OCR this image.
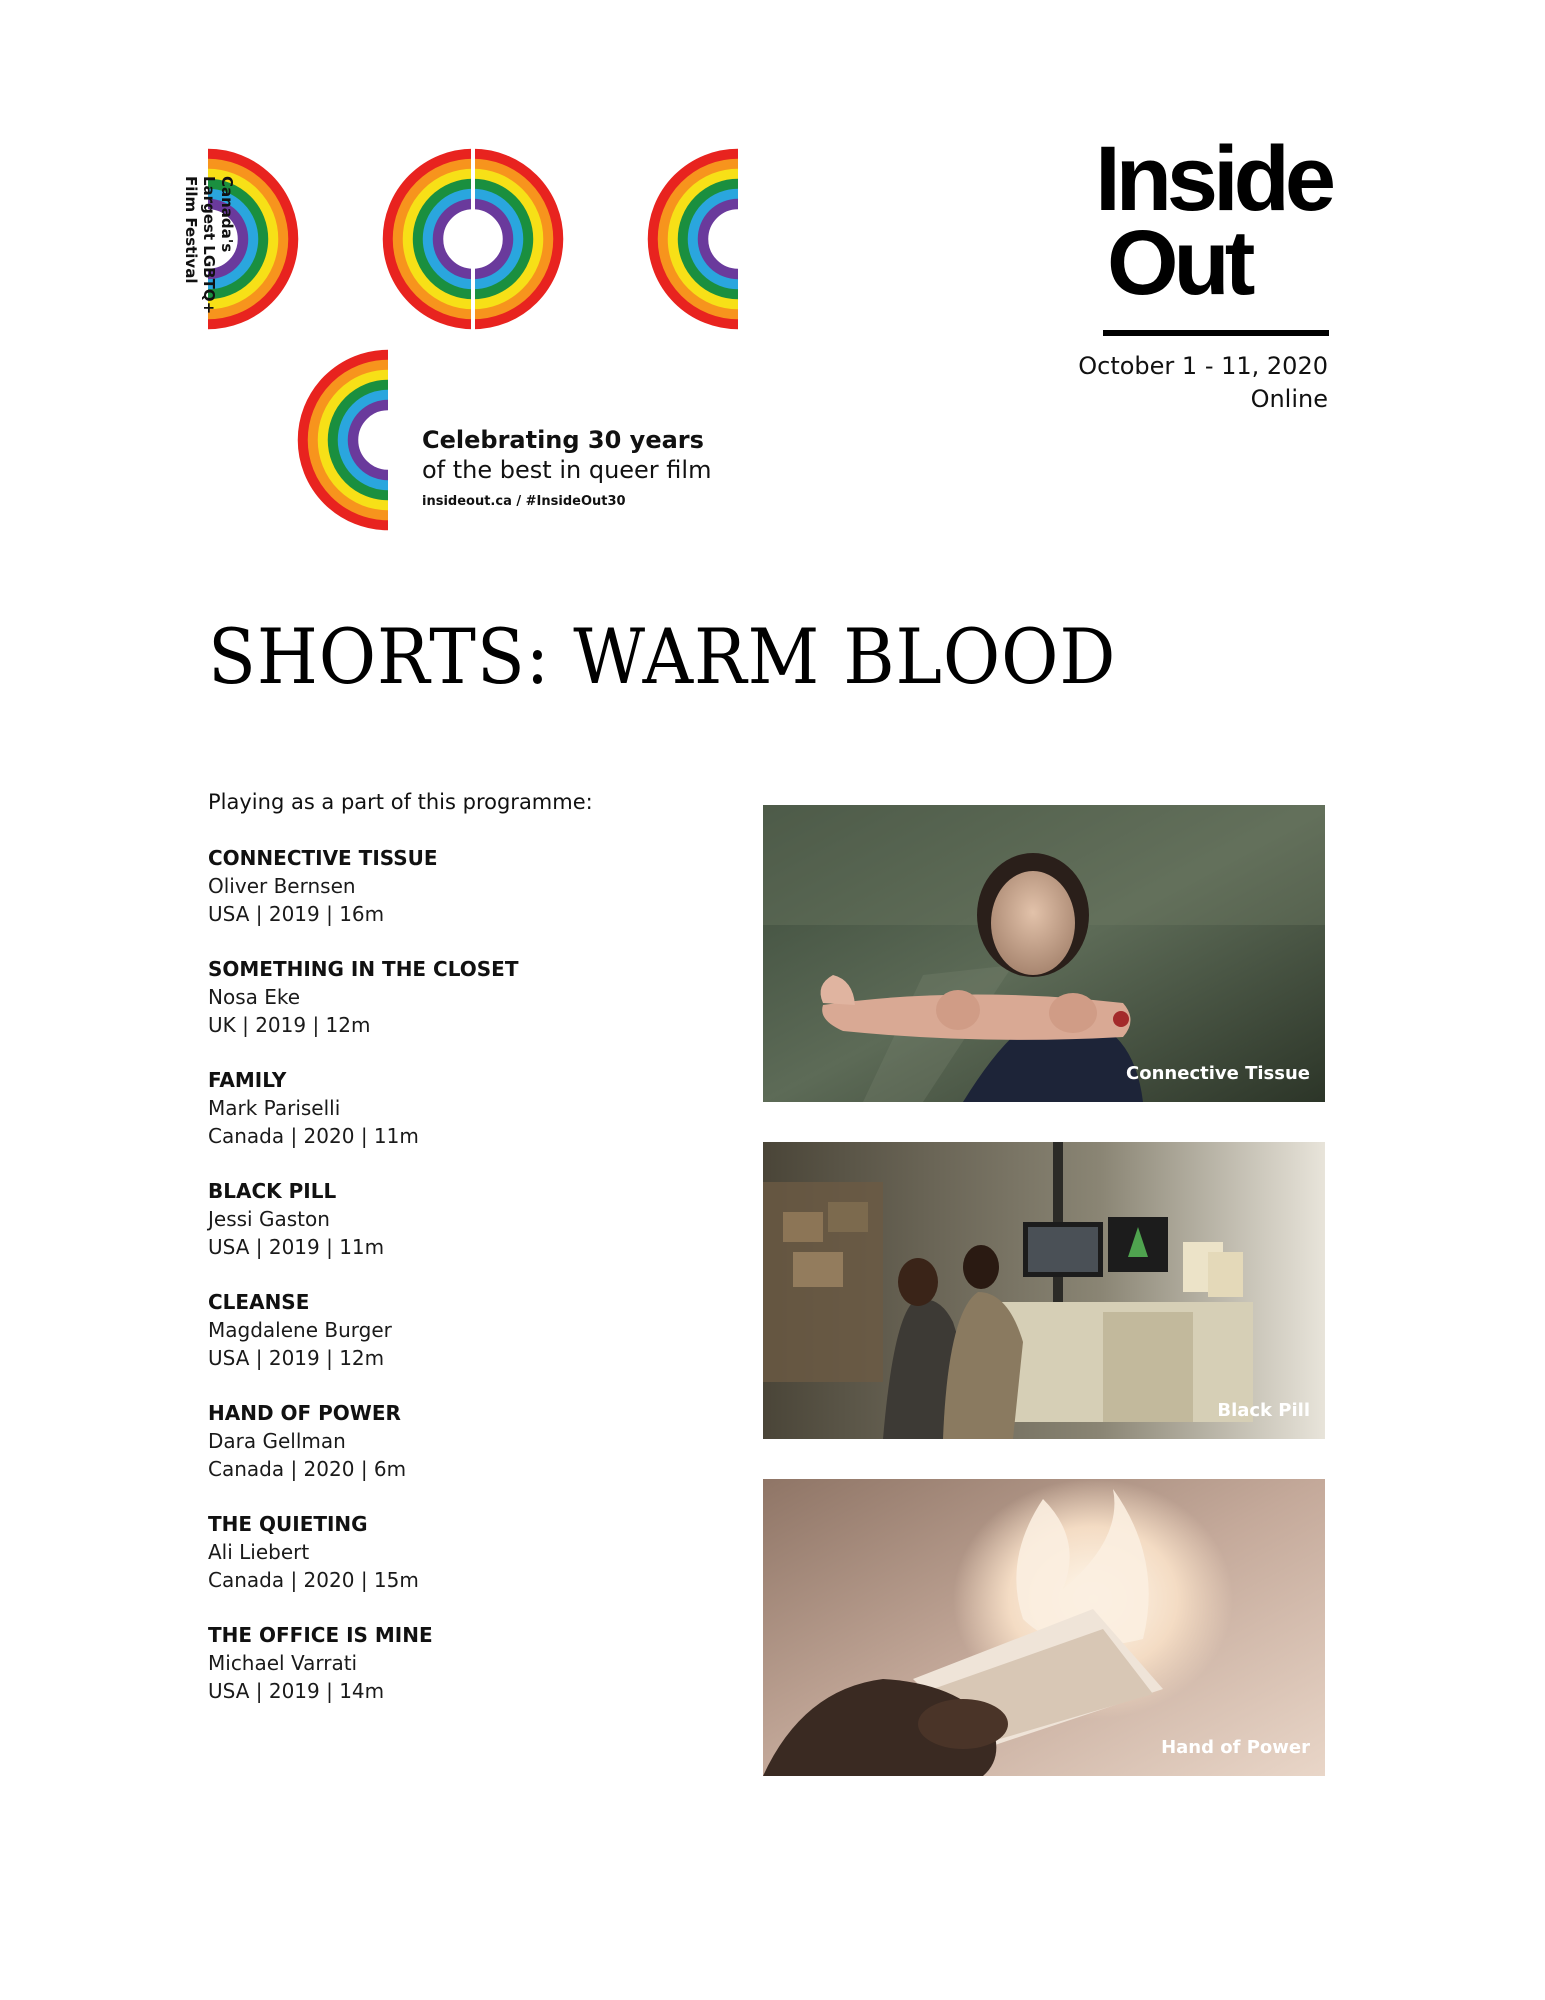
Canada's
Largest LGBTQ+
Film Festival
Celebrating 30 years
of the best in queer film
insideout.ca / #InsideOut30
Inside
Out
October 1 - 11, 2020
Online
SHORTS: WARM BLOOD
Playing as a part of this programme:
CONNECTIVE TISSUE
Oliver Bernsen
USA | 2019 | 16m
SOMETHING IN THE CLOSET
Nosa Eke
UK | 2019 | 12m
FAMILY
Mark Pariselli
Canada | 2020 | 11m
BLACK PILL
Jessi Gaston
USA | 2019 | 11m
CLEANSE
Magdalene Burger
USA | 2019 | 12m
HAND OF POWER
Dara Gellman
Canada | 2020 | 6m
THE QUIETING
Ali Liebert
Canada | 2020 | 15m
THE OFFICE IS MINE
Michael Varrati
USA | 2019 | 14m
Connective Tissue
Black Pill
Hand of Power
